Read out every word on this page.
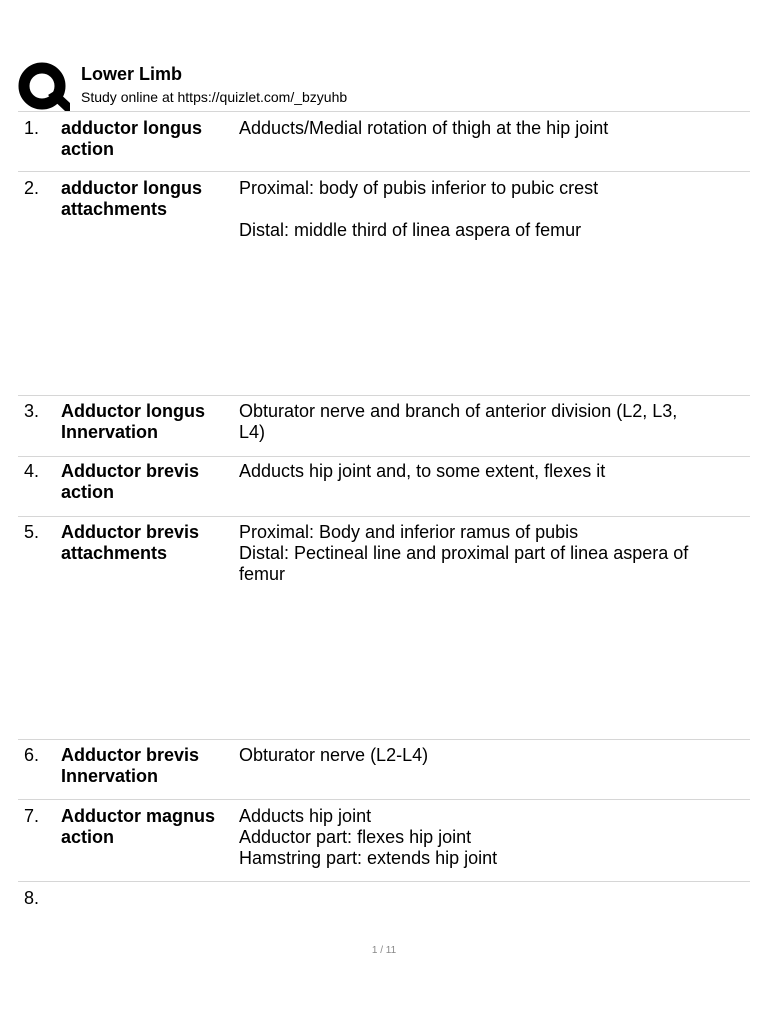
Lower Limb
Study online at https://quizlet.com/_bzyuhb
1. adductor longus
action
Adducts/Medial rotation of thigh at the hip joint
2. adductor longus
attachments
Proximal: body of pubis inferior to pubic crest

Distal: middle third of linea aspera of femur
3. Adductor longus
Innervation
Obturator nerve and branch of anterior division (L2, L3,
L4)
4. Adductor brevis
action
Adducts hip joint and, to some extent, flexes it
5. Adductor brevis
attachments
Proximal: Body and inferior ramus of pubis
Distal: Pectineal line and proximal part of linea aspera of
femur
6. Adductor brevis
Innervation
Obturator nerve (L2-L4)
7. Adductor magnus
action
Adducts hip joint
Adductor part: flexes hip joint
Hamstring part: extends hip joint
8.
1 / 11
